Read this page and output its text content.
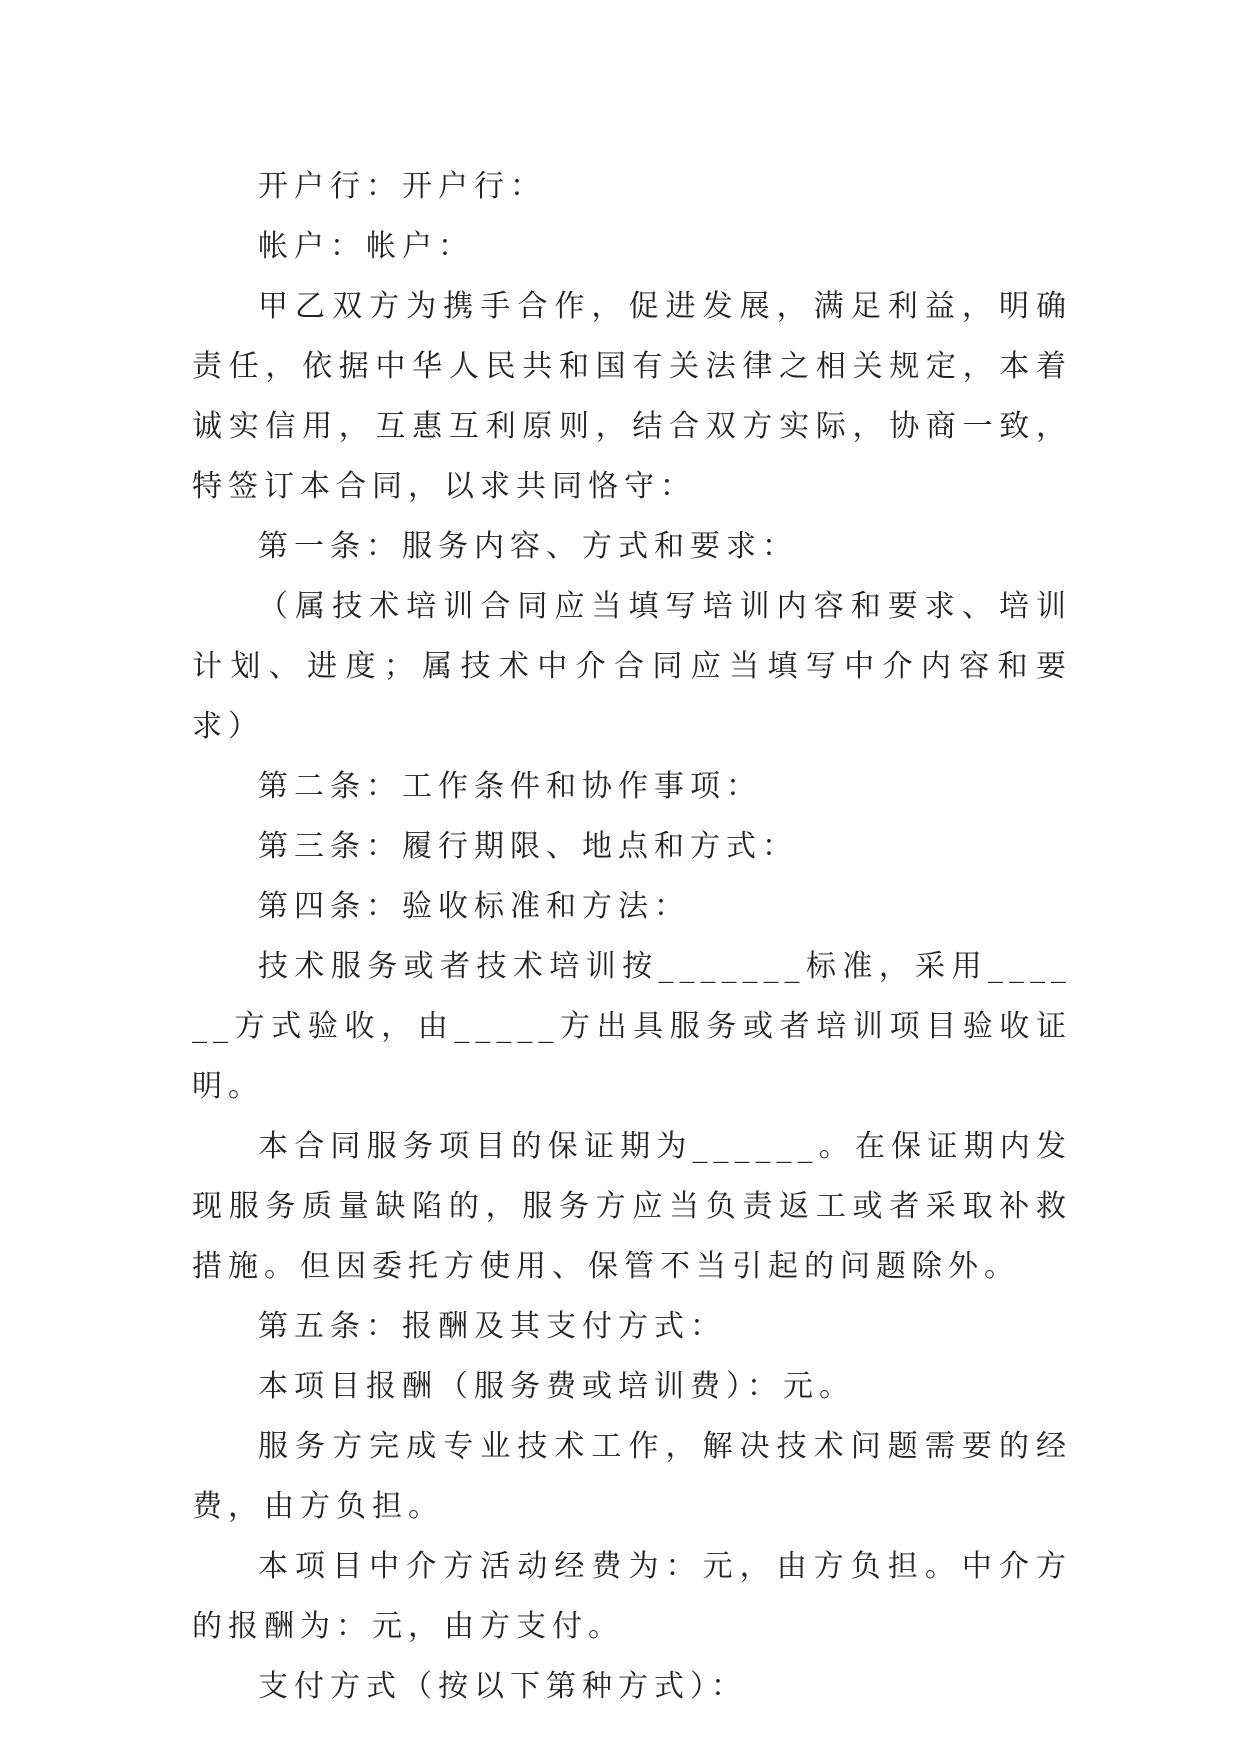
开户行：开户行：

帐户：帐户：

甲乙双方为携手合作，促进发展，满足利益，明确责任，依据中华人民共和国有关法律之相关规定，本着诚实信用，互惠互利原则，结合双方实际，协商一致，特签订本合同，以求共同恪守：

第一条：服务内容、方式和要求：

（属技术培训合同应当填写培训内容和要求、培训计划、进度；属技术中介合同应当填写中介内容和要求）

第二条：工作条件和协作事项：

第三条：履行期限、地点和方式：

第四条：验收标准和方法：

技术服务或者技术培训按_______标准，采用______方式验收，由_____方出具服务或者培训项目验收证明。

本合同服务项目的保证期为______。在保证期内发现服务质量缺陷的，服务方应当负责返工或者采取补救措施。但因委托方使用、保管不当引起的问题除外。

第五条：报酬及其支付方式：

本项目报酬（服务费或培训费）：元。

服务方完成专业技术工作，解决技术问题需要的经费，由方负担。

本项目中介方活动经费为：元，由方负担。中介方的报酬为：元，由方支付。

支付方式（按以下第种方式）：
